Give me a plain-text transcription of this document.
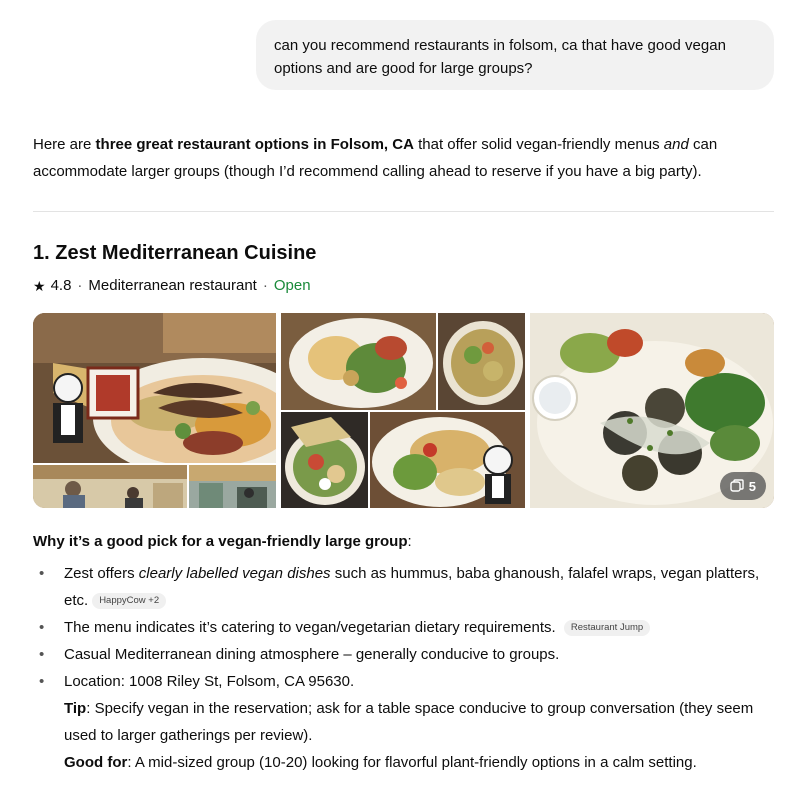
can you recommend restaurants in folsom, ca that have good vegan options and are good for large groups?
Here are three great restaurant options in Folsom, CA that offer solid vegan-friendly menus and can accommodate larger groups (though I’d recommend calling ahead to reserve if you have a big party).
1. Zest Mediterranean Cuisine
★ 4.8 · Mediterranean restaurant · Open
5
Why it’s a good pick for a vegan-friendly large group:
• Zest offers clearly labelled vegan dishes such as hummus, baba ghanoush, falafel wraps, vegan platters, etc. HappyCow +2
• The menu indicates it’s catering to vegan/vegetarian dietary requirements. Restaurant Jump
• Casual Mediterranean dining atmosphere – generally conducive to groups.
• Location: 1008 Riley St, Folsom, CA 95630.
Tip: Specify vegan in the reservation; ask for a table space conducive to group conversation (they seem used to larger gatherings per review).
Good for: A mid-sized group (10-20) looking for flavorful plant-friendly options in a calm setting.
